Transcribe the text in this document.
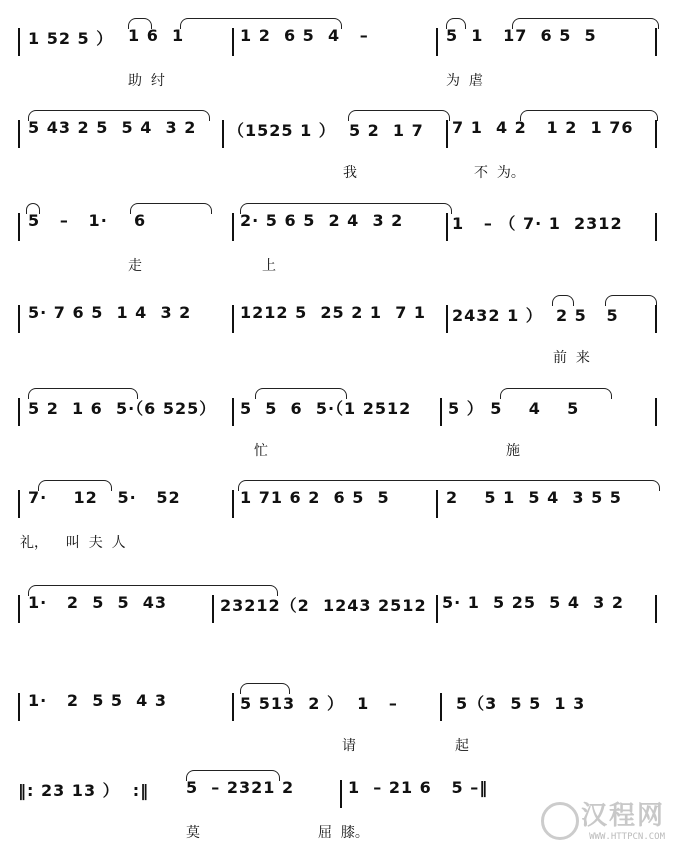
1 52 5 ） 1 6  1	1 2  6 5  4   –	5  1   17  6 5  5
助  纣	为  虐
5 43 2 5  5 4  3 2 （1525 1 ）  5 2  1 7 7 1  4 2   1 2  1 76
我	不  为。
5   –   1·    6	2· 5 6 5  2 4  3 2	1   – （ 7· 1  2312
走	上
5· 7 6 5  1 4  3 2	1212 5  25 2 1  7 1 2432 1 ）  2 5   5
前  来
5 2  1 6  5·（6 525） 5  5  6  5·（1 2512 5 ） 5    4    5
忙	施
7·    12   5·   52	1 71 6 2  6 5  5	2    5 1  5 4  3 5 5
礼，    叫  夫  人
1·   2  5  5  43	23212（2  1243 2512 5· 1  5 25  5 4  3 2
1·   2  5 5  4 3	5 513  2 ）  1   –	5（3  5 5  1 3
请	起
‖: 23 13 ）  :‖ 5  – 2321 2	1  – 21 6   5 –‖
莫	屈  膝。
汉程网
WWW.HTTPCN.COM
